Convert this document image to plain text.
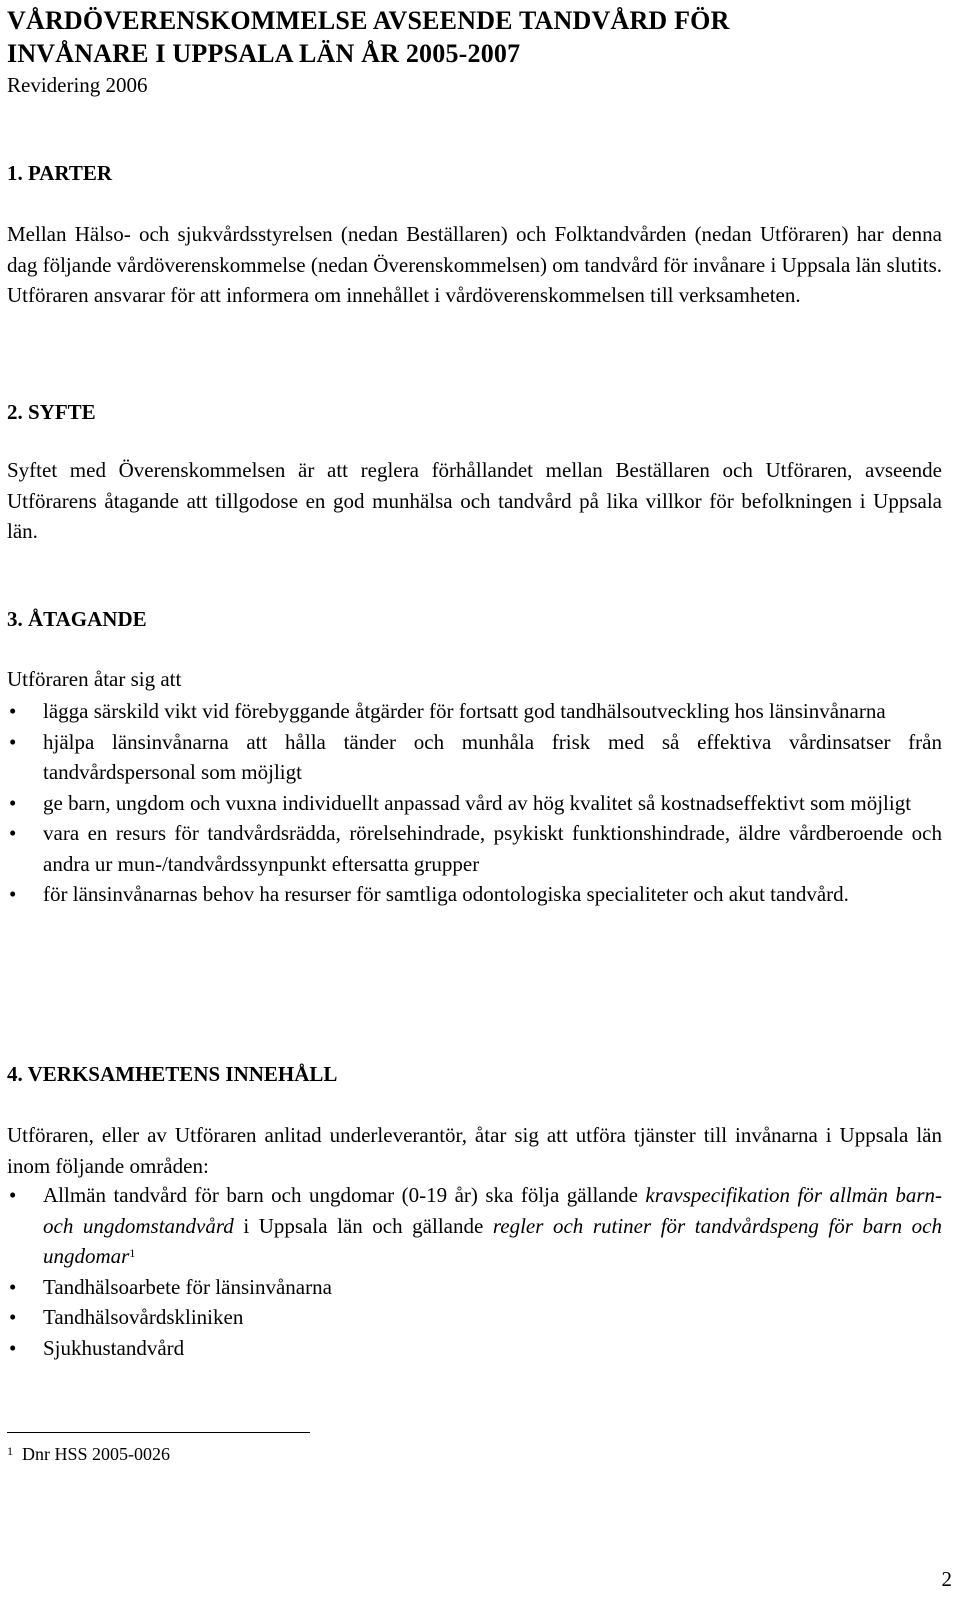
VÅRDÖVERENSKOMMELSE AVSEENDE TANDVÅRD FÖR
INVÅNARE I UPPSALA LÄN ÅR 2005-2007
Revidering 2006
1. PARTER

Mellan Hälso- och sjukvårdsstyrelsen (nedan Beställaren) och Folktandvården (nedan Utföraren) har denna dag följande vårdöverenskommelse (nedan Överenskommelsen) om tandvård för invånare i Uppsala län slutits. Utföraren ansvarar för att informera om innehållet i vårdöverenskommelsen till verksamheten.

2. SYFTE

Syftet med Överenskommelsen är att reglera förhållandet mellan Beställaren och Utföraren, avseende Utförarens åtagande att tillgodose en god munhälsa och tandvård på lika villkor för befolkningen i Uppsala län.

3. ÅTAGANDE

Utföraren åtar sig att

•	lägga särskild vikt vid förebyggande åtgärder för fortsatt god tandhälsoutveckling hos länsinvånarna
•	hjälpa länsinvånarna att hålla tänder och munhåla frisk med så effektiva vårdinsatser från tandvårdspersonal som möjligt
•	ge barn, ungdom och vuxna individuellt anpassad vård av hög kvalitet så kostnadseffektivt som möjligt
•	vara en resurs för tandvårdsrädda, rörelsehindrade, psykiskt funktionshindrade, äldre vårdberoende och andra ur mun-/tandvårdssynpunkt eftersatta grupper
•	för länsinvånarnas behov ha resurser för samtliga odontologiska specialiteter och akut tandvård.
4. VERKSAMHETENS INNEHÅLL

Utföraren, eller av Utföraren anlitad underleverantör, åtar sig att utföra tjänster till invånarna i Uppsala län inom följande områden:

•	Allmän tandvård för barn och ungdomar (0-19 år) ska följa gällande kravspecifikation för allmän barn- och ungdomstandvård i Uppsala län och gällande regler och rutiner för tandvårdspeng för barn och ungdomar$^1$
•	Tandhälsoarbete för länsinvånarna
•	Tandhälsovårdskliniken
•	Sjukhustandvård
$^1$ Dnr HSS 2005-0026
2
